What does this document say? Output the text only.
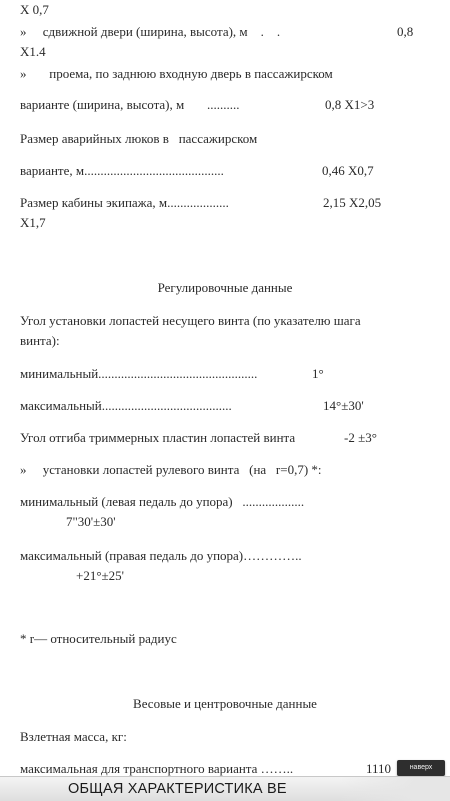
X 0,7
»     сдвижной двери (ширина, высота), м    .    .	0,8
X1.4
»       проема, по заднюю входную дверь в пассажирском
варианте (ширина, высота), м       ..........	0,8 X1>3
Размер аварийных люков в   пассажирском
варианте, м...........................................	0,46 X0,7
Размер кабины экипажа, м...................	2,15 X2,05
X1,7
Регулировочные данные
Угол установки лопастей несущего винта (по указателю шага
винта):
минимальный.................................................	1°
максимальный........................................	14°±30'
Угол отгиба триммерных пластин лопастей винта	-2 ±3°
»     установки лопастей рулевого винта   (на   r=0,7) *:
минимальный (левая педаль до упора)   ...................
7"30'±30'
максимальный (правая педаль до упора)…………..
+21°±25'
* r— относительный радиус
Весовые и центровочные данные
Взлетная масса, кг:
максимальная для транспортного варианта ……..	1110	наверх
ОБЩАЯ ХАРАКТЕРИСТИКА ВЕ
